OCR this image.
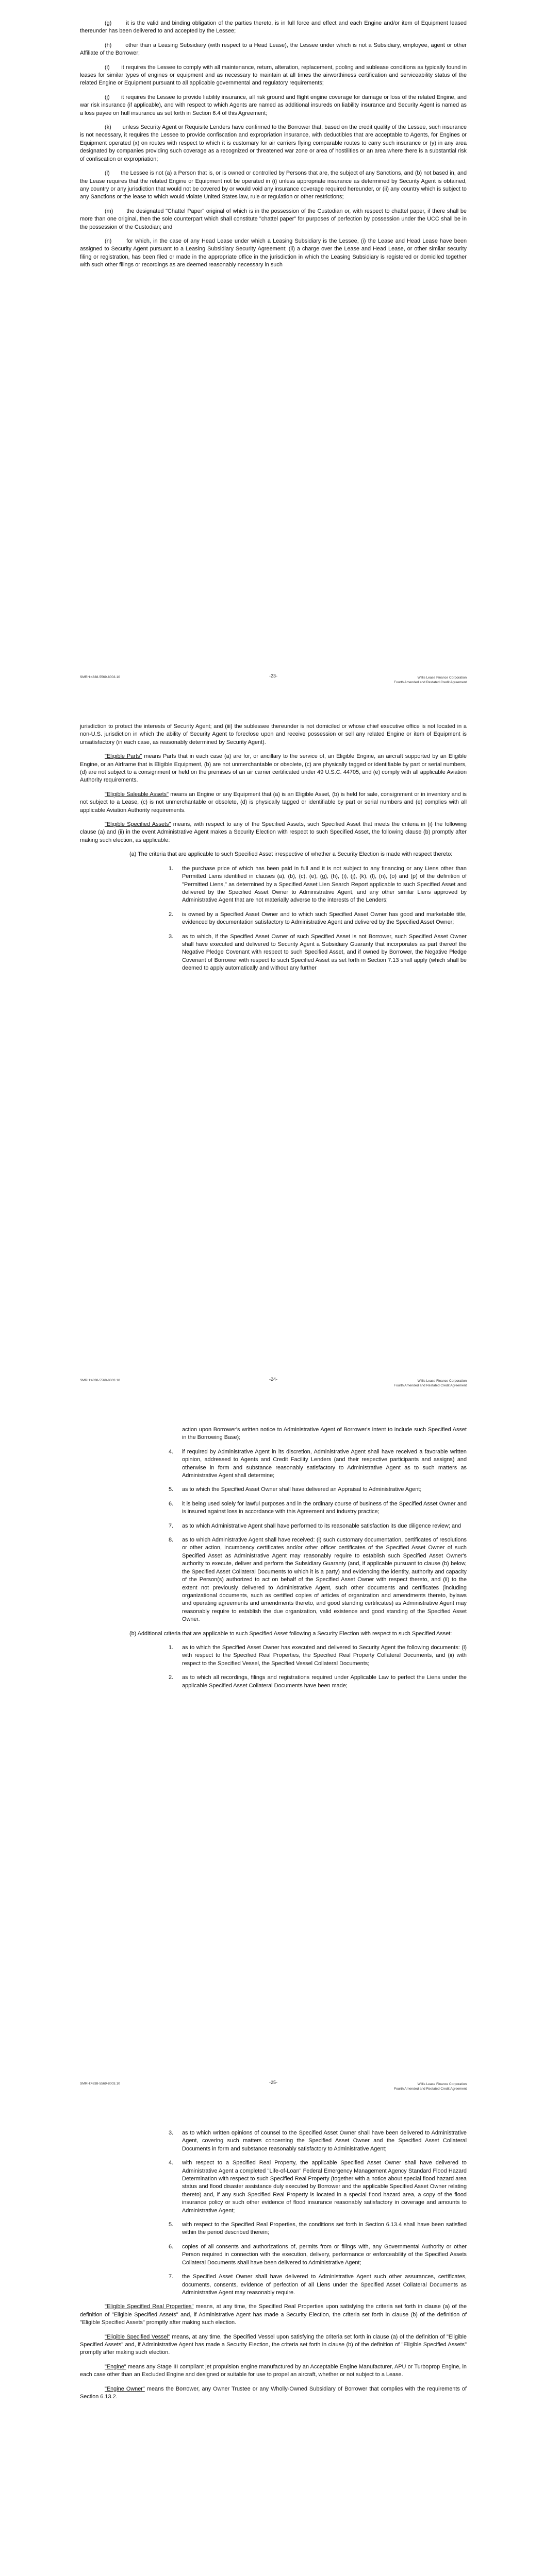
(g)	it is the valid and binding obligation of the parties thereto, is in full force and effect and each Engine and/or item of Equipment leased thereunder has been delivered to and accepted by the Lessee;

(h) other than a Leasing Subsidiary (with respect to a Head Lease), the Lessee under which is not a Subsidiary, employee, agent or other Affiliate of the Borrower;

(i) it requires the Lessee to comply with all maintenance, return, alteration, replacement, pooling and sublease conditions as typically found in leases for similar types of engines or equipment and as necessary to maintain at all times the airworthiness certification and serviceability status of the related Engine or Equipment pursuant to all applicable governmental and regulatory requirements;

(j) it requires the Lessee to provide liability insurance, all risk ground and flight engine coverage for damage or loss of the related Engine, and war risk insurance (if applicable), and with respect to which Agents are named as additional insureds on liability insurance and Security Agent is named as a loss payee on hull insurance as set forth in Section 6.4 of this Agreement;

(k) unless Security Agent or Requisite Lenders have confirmed to the Borrower that, based on the credit quality of the Lessee, such insurance is not necessary, it requires the Lessee to provide confiscation and expropriation insurance, with deductibles that are acceptable to Agents, for Engines or Equipment operated (x) on routes with respect to which it is customary for air carriers flying comparable routes to carry such insurance or (y) in any area designated by companies providing such coverage as a recognized or threatened war zone or area of hostilities or an area where there is a substantial risk of confiscation or expropriation;

(l) the Lessee is not (a) a Person that is, or is owned or controlled by Persons that are, the subject of any Sanctions, and (b) not based in, and the Lease requires that the related Engine or Equipment not be operated in (i) unless appropriate insurance as determined by Security Agent is obtained, any country or any jurisdiction that would not be covered by or would void any insurance coverage required hereunder, or (ii) any country which is subject to any Sanctions or the lease to which would violate United States law, rule or regulation or other restrictions;

(m) the designated "Chattel Paper" original of which is in the possession of the Custodian or, with respect to chattel paper, if there shall be more than one original, then the sole counterpart which shall constitute "chattel paper" for purposes of perfection by possession under the UCC shall be in the possession of the Custodian; and

(n)	for which, in the case of any Head Lease under which a Leasing Subsidiary is the Lessee, (i) the Lease and Head Lease have been assigned to Security Agent pursuant to a Leasing Subsidiary Security Agreement; (ii) a charge over the Lease and Head Lease, or other similar security filing or registration, has been filed or made in the appropriate office in the jurisdiction in which the Leasing Subsidiary is registered or domiciled together with such other filings or recordings as are deemed reasonably necessary in such

SMRH:4838-5569-8003.10	-23-	Willis Lease Finance Corporation
Fourth Amended and Restated Credit Agreement

jurisdiction to protect the interests of Security Agent; and (iii) the sublessee thereunder is not domiciled or whose chief executive office is not located in a non-U.S. jurisdiction in which the ability of Security Agent to foreclose upon and receive possession or sell any related Engine or item of Equipment is unsatisfactory (in each case, as reasonably determined by Security Agent).

"Eligible Parts" means Parts that in each case (a) are for, or ancillary to the service of, an Eligible Engine, an aircraft supported by an Eligible Engine, or an Airframe that is Eligible Equipment, (b) are not unmerchantable or obsolete, (c) are physically tagged or identifiable by part or serial numbers, (d) are not subject to a consignment or held on the premises of an air carrier certificated under 49 U.S.C. 44705, and (e) comply with all applicable Aviation Authority requirements.

"Eligible Saleable Assets" means an Engine or any Equipment that (a) is an Eligible Asset, (b) is held for sale, consignment or in inventory and is not subject to a Lease, (c) is not unmerchantable or obsolete, (d) is physically tagged or identifiable by part or serial numbers and (e) complies with all applicable Aviation Authority requirements.

"Eligible Specified Assets" means, with respect to any of the Specified Assets, such Specified Asset that meets the criteria in (i) the following clause (a) and (ii) in the event Administrative Agent makes a Security Election with respect to such Specified Asset, the following clause (b) promptly after making such election, as applicable:

(a) The criteria that are applicable to such Specified Asset irrespective of whether a Security Election is made with respect thereto:

1. the purchase price of which has been paid in full and it is not subject to any financing or any Liens other than Permitted Liens identified in clauses (a), (b), (c), (e), (g), (h), (i), (j), (k), (l), (n), (o) and (p) of the definition of "Permitted Liens," as determined by a Specified Asset Lien Search Report applicable to such Specified Asset and delivered by the Specified Asset Owner to Administrative Agent, and any other similar Liens approved by Administrative Agent that are not materially adverse to the interests of the Lenders;
2. is owned by a Specified Asset Owner and to which such Specified Asset Owner has good and marketable title, evidenced by documentation satisfactory to Administrative Agent and delivered by the Specified Asset Owner;
3. as to which, if the Specified Asset Owner of such Specified Asset is not Borrower, such Specified Asset Owner shall have executed and delivered to Security Agent a Subsidiary Guaranty that incorporates as part thereof the Negative Pledge Covenant with respect to such Specified Asset, and if owned by Borrower, the Negative Pledge Covenant of Borrower with respect to such Specified Asset as set forth in Section 7.13 shall apply (which shall be deemed to apply automatically and without any further
SMRH:4838-5569-8003.10	-24-	Willis Lease Finance Corporation
Fourth Amended and Restated Credit Agreement
action upon Borrower's written notice to Administrative Agent of Borrower's intent to include such Specified Asset in the Borrowing Base);
4. if required by Administrative Agent in its discretion, Administrative Agent shall have received a favorable written opinion, addressed to Agents and Credit Facility Lenders (and their respective participants and assigns) and otherwise in form and substance reasonably satisfactory to Administrative Agent as to such matters as Administrative Agent shall determine;
5. as to which the Specified Asset Owner shall have delivered an Appraisal to Administrative Agent;
6. it is being used solely for lawful purposes and in the ordinary course of business of the Specified Asset Owner and is insured against loss in accordance with this Agreement and industry practice;
7. as to which Administrative Agent shall have performed to its reasonable satisfaction its due diligence review; and
8. as to which Administrative Agent shall have received: (i) such customary documentation, certificates of resolutions or other action, incumbency certificates and/or other officer certificates of the Specified Asset Owner of such Specified Asset as Administrative Agent may reasonably require to establish such Specified Asset Owner's authority to execute, deliver and perform the Subsidiary Guaranty (and, if applicable pursuant to clause (b) below, the Specified Asset Collateral Documents to which it is a party) and evidencing the identity, authority and capacity of the Person(s) authorized to act on behalf of the Specified Asset Owner with respect thereto, and (ii) to the extent not previously delivered to Administrative Agent, such other documents and certificates (including organizational documents, such as certified copies of articles of organization and amendments thereto, bylaws and operating agreements and amendments thereto, and good standing certificates) as Administrative Agent may reasonably require to establish the due organization, valid existence and good standing of the Specified Asset Owner.

(b) Additional criteria that are applicable to such Specified Asset following a Security Election with respect to such Specified Asset:

1. as to which the Specified Asset Owner has executed and delivered to Security Agent the following documents: (i) with respect to the Specified Real Properties, the Specified Real Property Collateral Documents, and (ii) with respect to the Specified Vessel, the Specified Vessel Collateral Documents;
2. as to which all recordings, filings and registrations required under Applicable Law to perfect the Liens under the applicable Specified Asset Collateral Documents have been made;
SMRH:4838-5569-8003.10	-25-	Willis Lease Finance Corporation
Fourth Amended and Restated Credit Agreement
3. as to which written opinions of counsel to the Specified Asset Owner shall have been delivered to Administrative Agent, covering such matters concerning the Specified Asset Owner and the Specified Asset Collateral Documents in form and substance reasonably satisfactory to Administrative Agent;
4. with respect to a Specified Real Property, the applicable Specified Asset Owner shall have delivered to Administrative Agent a completed "Life-of-Loan" Federal Emergency Management Agency Standard Flood Hazard Determination with respect to such Specified Real Property (together with a notice about special flood hazard area status and flood disaster assistance duly executed by Borrower and the applicable Specified Asset Owner relating thereto) and, if any such Specified Real Property is located in a special flood hazard area, a copy of the flood insurance policy or such other evidence of flood insurance reasonably satisfactory in coverage and amounts to Administrative Agent;
5. with respect to the Specified Real Properties, the conditions set forth in Section 6.13.4 shall have been satisfied within the period described therein;
6. copies of all consents and authorizations of, permits from or filings with, any Governmental Authority or other Person required in connection with the execution, delivery, performance or enforceability of the Specified Assets Collateral Documents shall have been delivered to Administrative Agent;
7. the Specified Asset Owner shall have delivered to Administrative Agent such other assurances, certificates, documents, consents, evidence of perfection of all Liens under the Specified Asset Collateral Documents as Administrative Agent may reasonably require.

"Eligible Specified Real Properties" means, at any time, the Specified Real Properties upon satisfying the criteria set forth in clause (a) of the definition of "Eligible Specified Assets" and, if Administrative Agent has made a Security Election, the criteria set forth in clause (b) of the definition of "Eligible Specified Assets" promptly after making such election.

"Eligible Specified Vessel" means, at any time, the Specified Vessel upon satisfying the criteria set forth in clause (a) of the definition of "Eligible Specified Assets" and, if Administrative Agent has made a Security Election, the criteria set forth in clause (b) of the definition of "Eligible Specified Assets" promptly after making such election.

"Engine" means any Stage III compliant jet propulsion engine manufactured by an Acceptable Engine Manufacturer, APU or Turboprop Engine, in each case other than an Excluded Engine and designed or suitable for use to propel an aircraft, whether or not subject to a Lease.

"Engine Owner" means the Borrower, any Owner Trustee or any Wholly-Owned Subsidiary of Borrower that complies with the requirements of Section 6.13.2.
